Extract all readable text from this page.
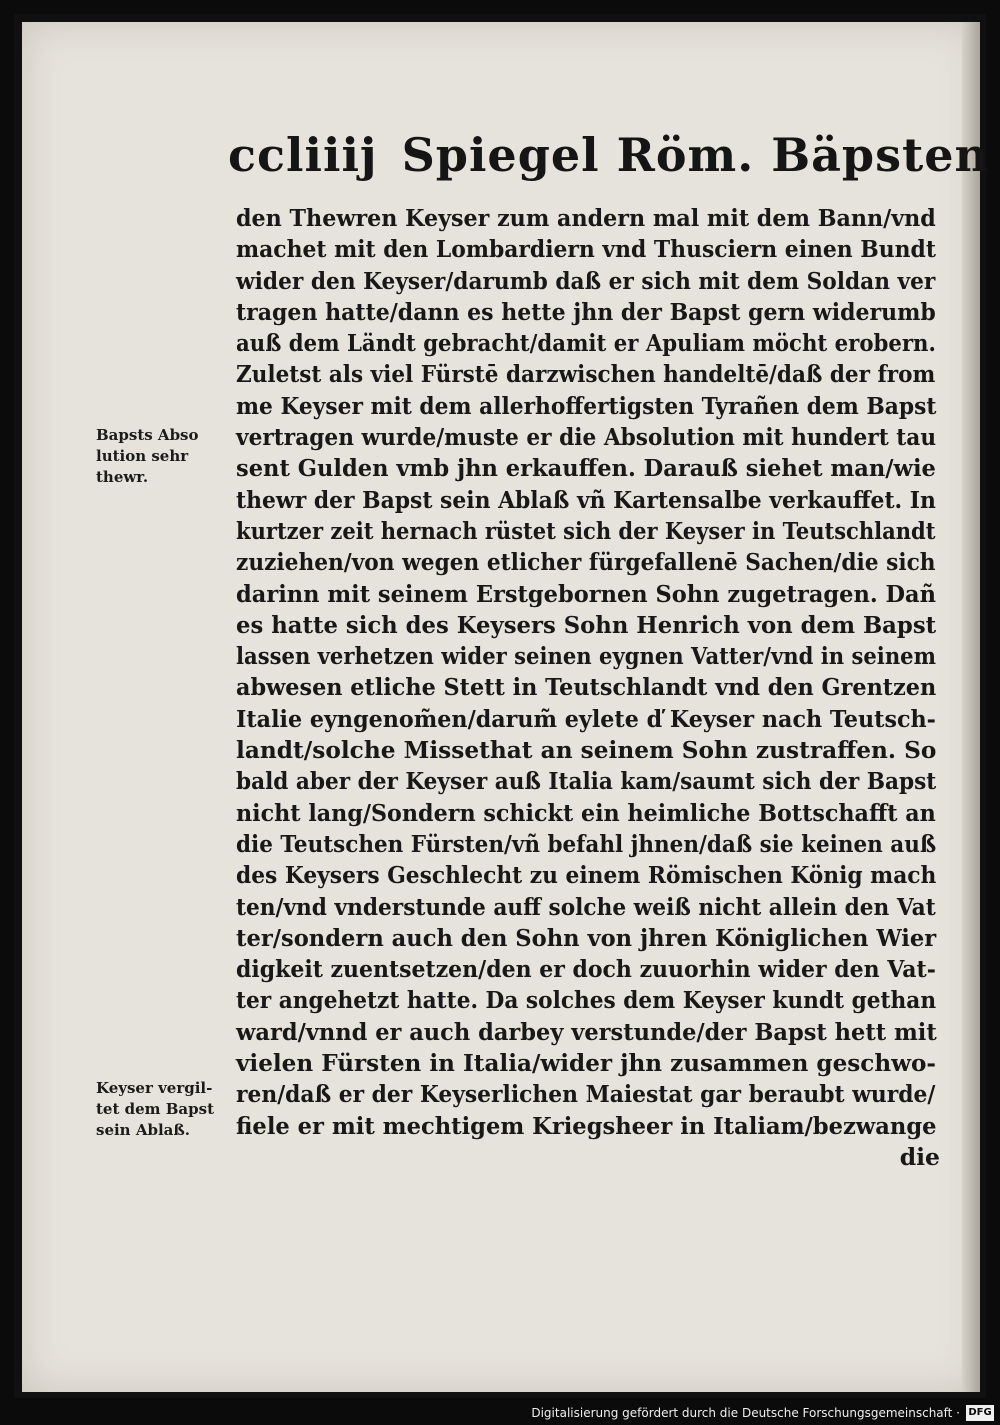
ccliiij Spiegel Röm. Bäpsten
den Thewren Keyser zum andern mal mit dem Bann/vnd
machet mit den Lombardiern vnd Thusciern einen Bundt
wider den Keyser/darumb daß er sich mit dem Soldan ver
tragen hatte/dann es hette jhn der Bapst gern widerumb
auß dem Ländt gebracht/damit er Apuliam möcht erobern.
Zuletst als viel Fürstē darzwischen handeltē/daß der from
me Keyser mit dem allerhoffertigsten Tyrañen dem Bapst
vertragen wurde/muste er die Absolution mit hundert tau
sent Gulden vmb jhn erkauffen. Darauß siehet man/wie
thewr der Bapst sein Ablaß vñ Kartensalbe verkauffet. In
kurtzer zeit hernach rüstet sich der Keyser in Teutschlandt
zuziehen/von wegen etlicher fürgefallenē Sachen/die sich
darinn mit seinem Erstgebornen Sohn zugetragen. Dañ
es hatte sich des Keysers Sohn Henrich von dem Bapst
lassen verhetzen wider seinen eygnen Vatter/vnd in seinem
abwesen etliche Stett in Teutschlandt vnd den Grentzen
Italie eyngenom̃en/darum̃ eylete ď Keyser nach Teutsch-
landt/solche Missethat an seinem Sohn zustraffen. So
bald aber der Keyser auß Italia kam/saumt sich der Bapst
nicht lang/Sondern schickt ein heimliche Bottschafft an
die Teutschen Fürsten/vñ befahl jhnen/daß sie keinen auß
des Keysers Geschlecht zu einem Römischen König mach
ten/vnd vnderstunde auff solche weiß nicht allein den Vat
ter/sondern auch den Sohn von jhren Königlichen Wier
digkeit zuentsetzen/den er doch zuuorhin wider den Vat-
ter angehetzt hatte. Da solches dem Keyser kundt gethan
ward/vnnd er auch darbey verstunde/der Bapst hett mit
vielen Fürsten in Italia/wider jhn zusammen geschwo-
ren/daß er der Keyserlichen Maiestat gar beraubt wurde/
fiele er mit mechtigem Kriegsheer in Italiam/bezwange
die
Bapsts Abso
lution sehr
thewr.
Keyser vergil-
tet dem Bapst
sein Ablaß.
Digitalisierung gefördert durch die Deutsche Forschungsgemeinschaft · DFG
